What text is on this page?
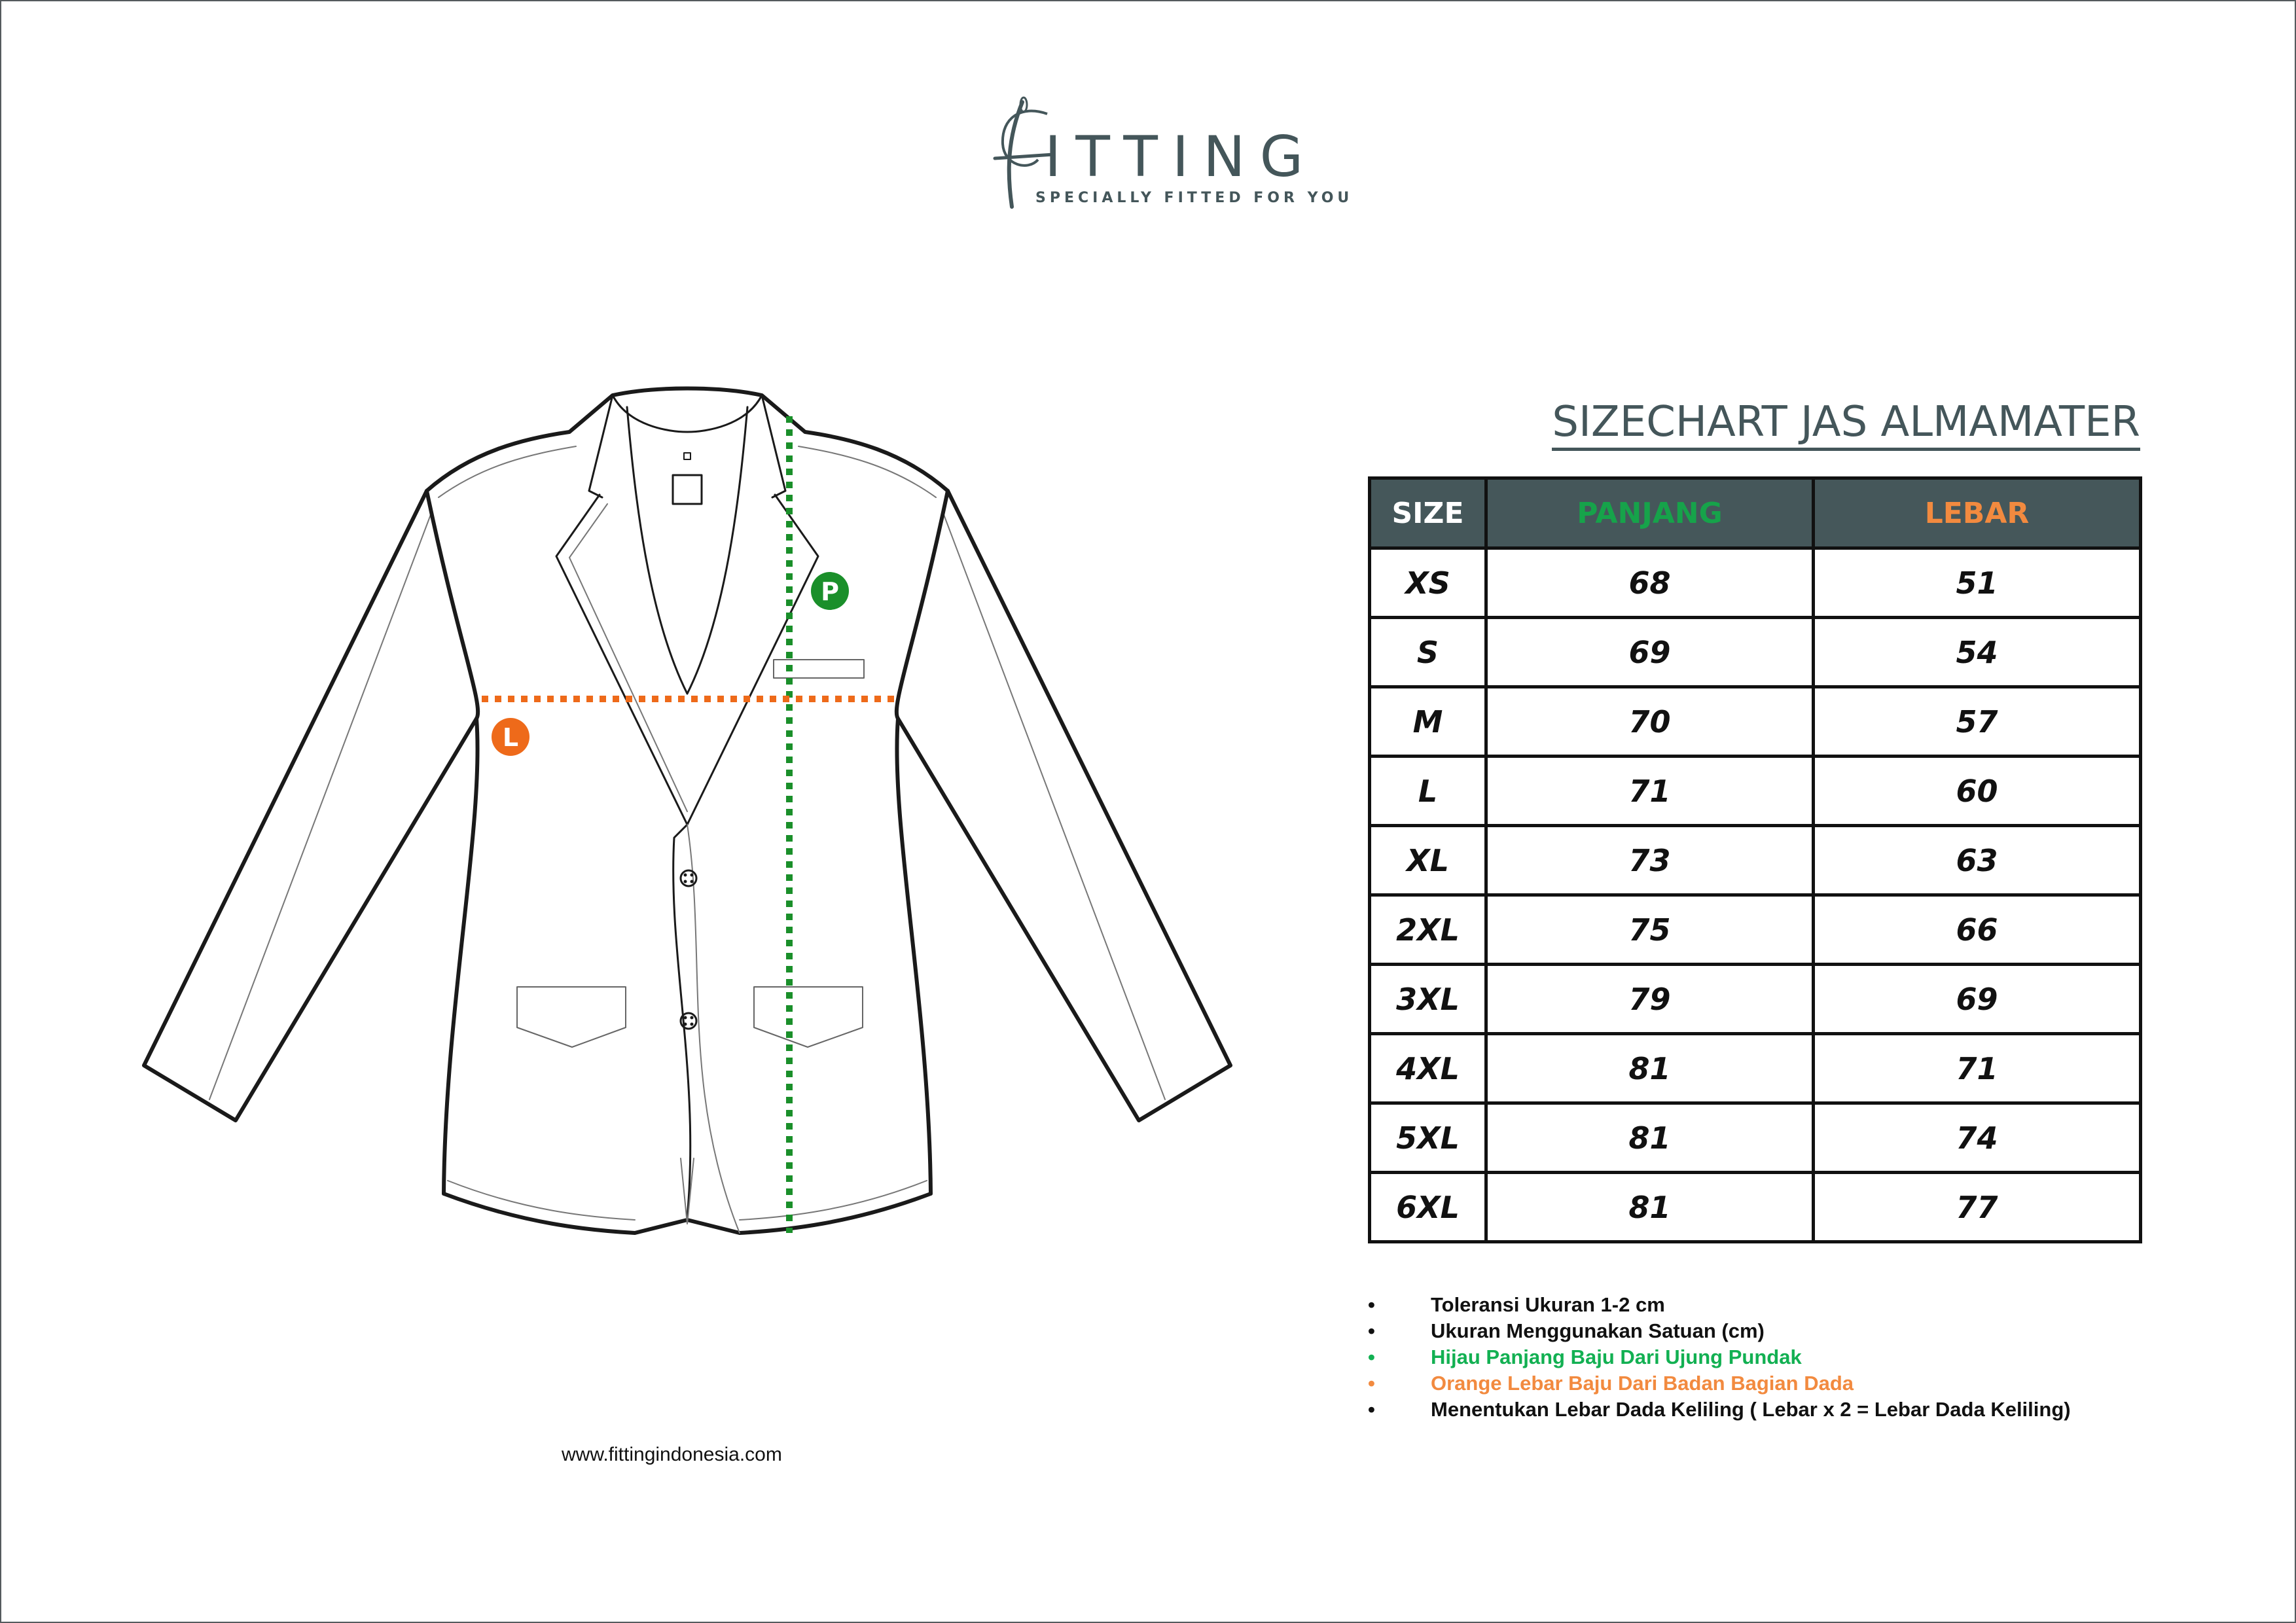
ITTING
SPECIALLY FITTED FOR YOU
P
L
www.fittingindonesia.com
SIZECHART JAS ALMAMATER
SIZE	PANJANG	LEBAR
XS	68	51
S	69	54
M	70	57
L	71	60
XL	73	63
2XL	75	66
3XL	79	69
4XL	81	71
5XL	81	74
6XL	81	77
•	Toleransi Ukuran 1-2 cm
•	Ukuran Menggunakan Satuan (cm)
•	Hijau Panjang Baju Dari Ujung Pundak
•	Orange Lebar Baju Dari Badan Bagian Dada
•	Menentukan Lebar Dada Keliling ( Lebar x 2 = Lebar Dada Keliling)
